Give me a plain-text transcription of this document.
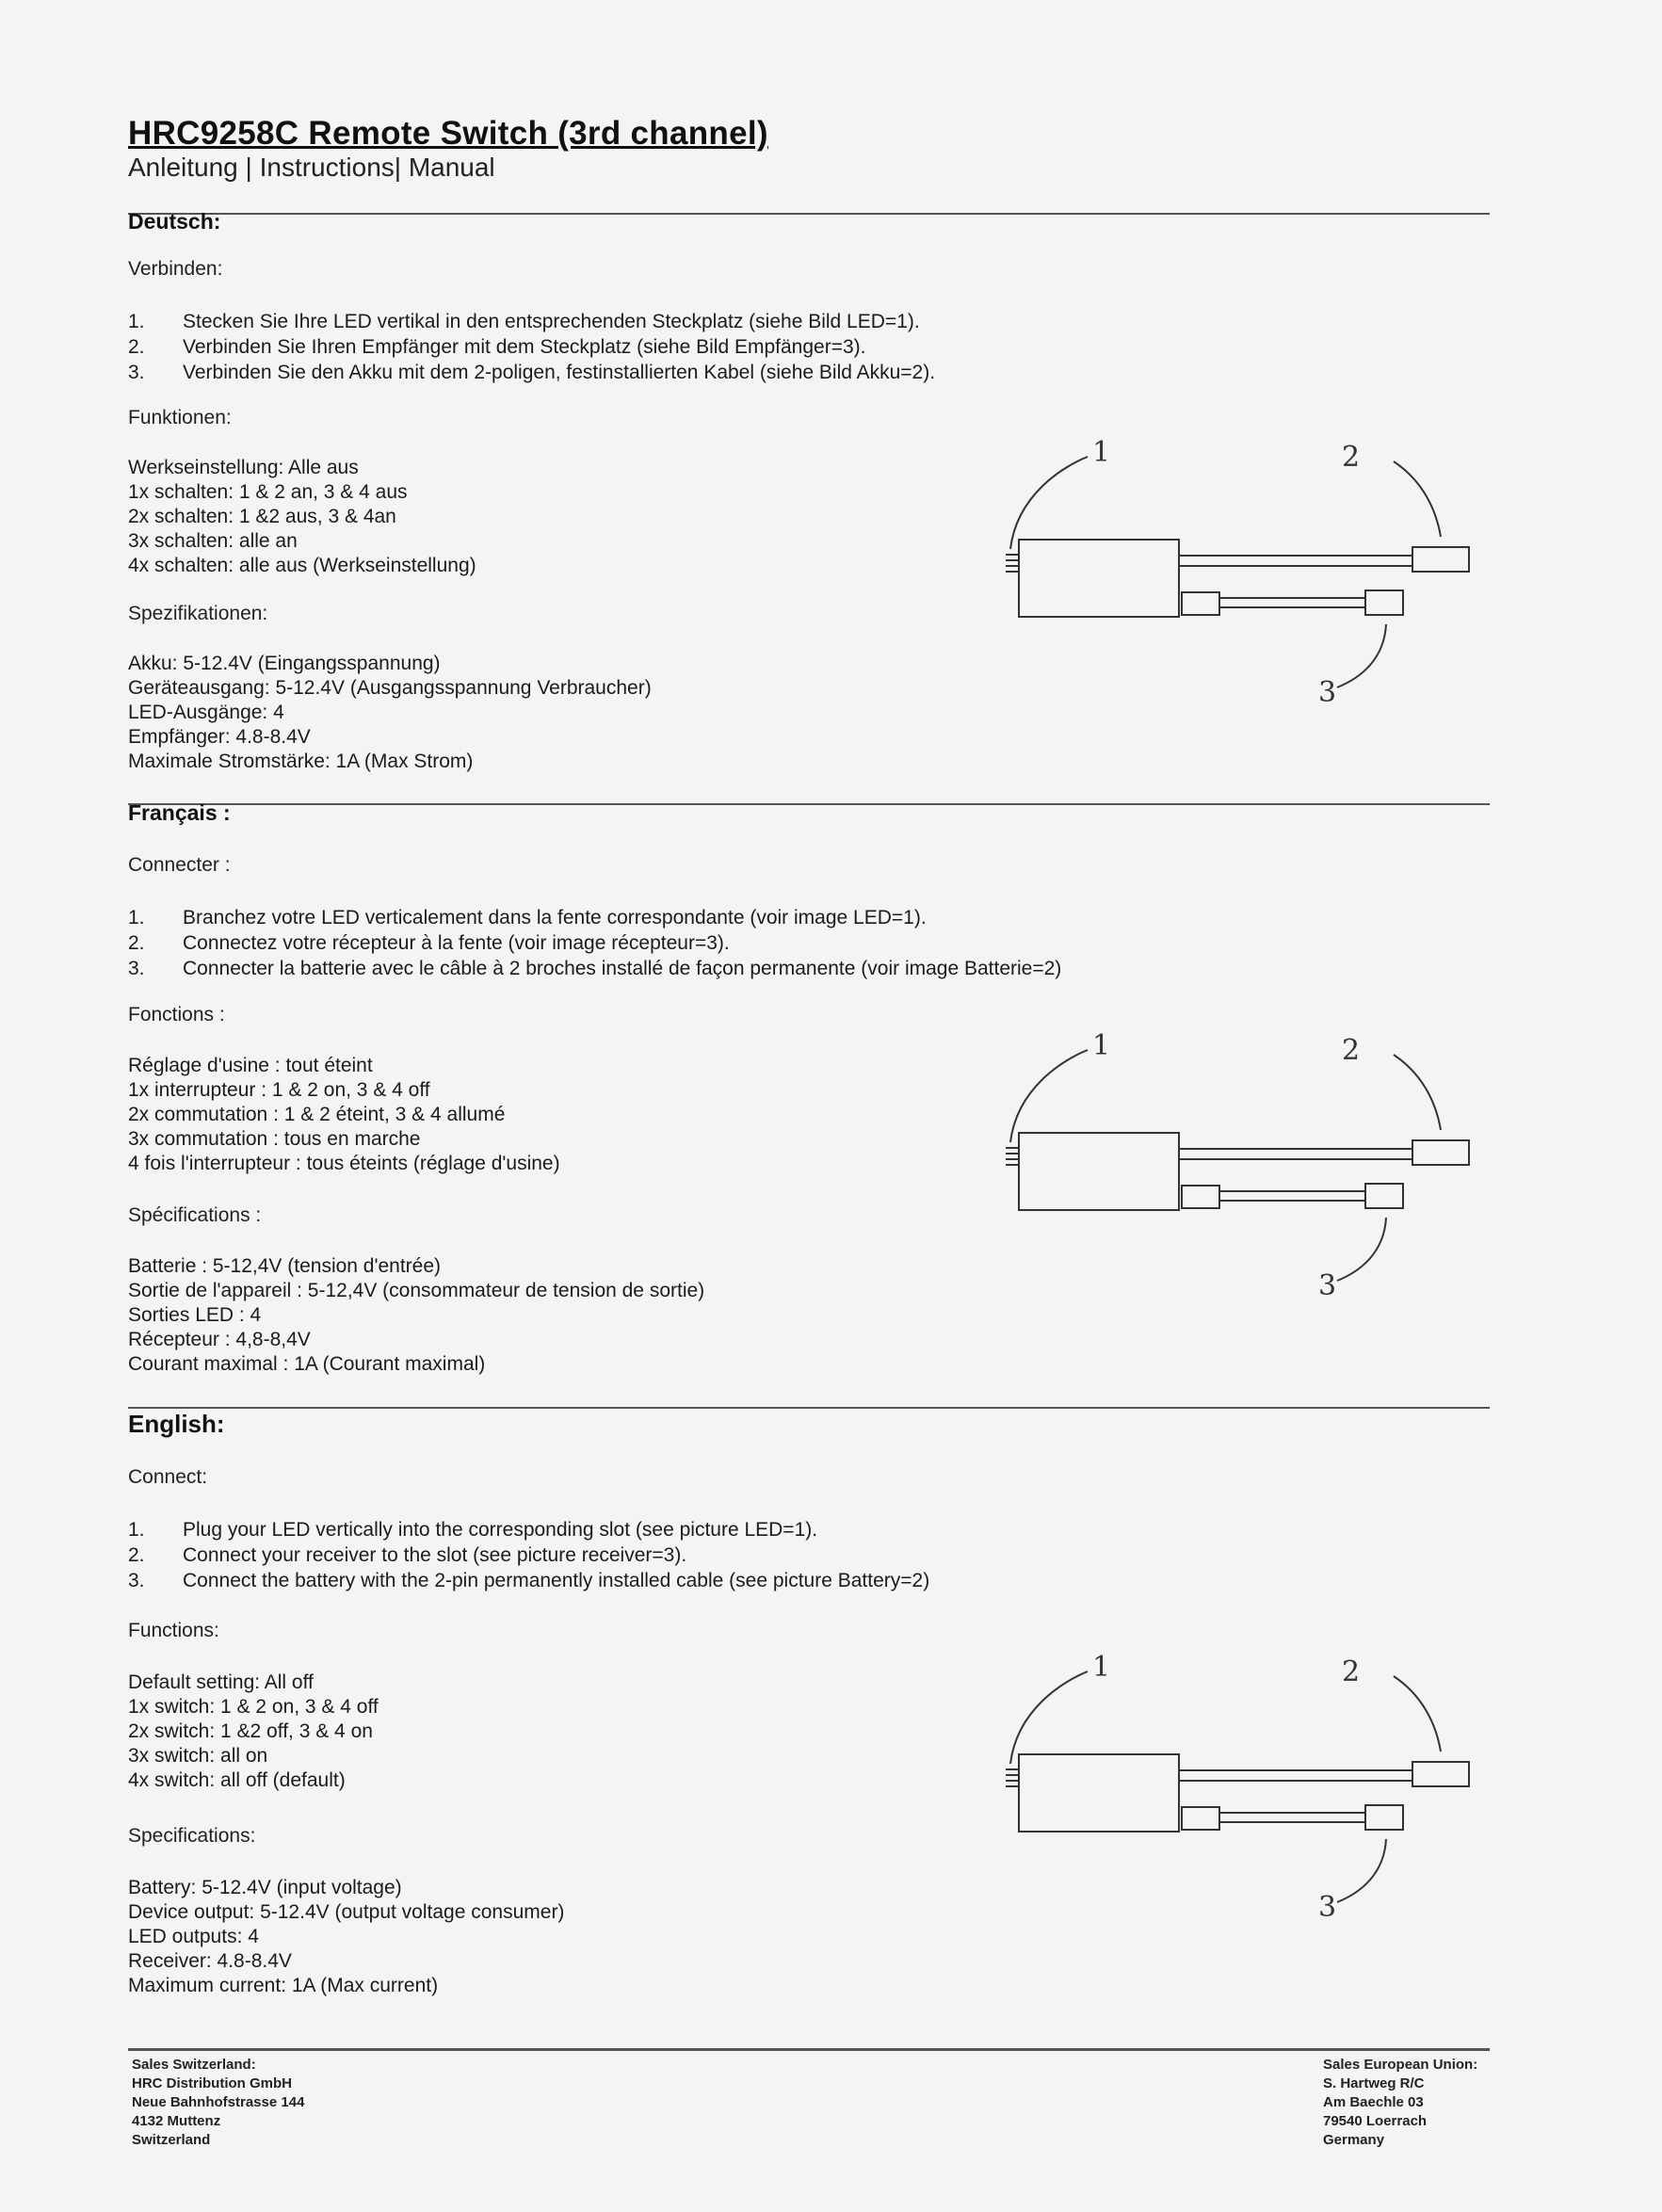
HRC9258C Remote Switch (3rd channel)
Anleitung | Instructions| Manual
Deutsch:
Verbinden:
1. Stecken Sie Ihre LED vertikal in den entsprechenden Steckplatz (siehe Bild LED=1).
2. Verbinden Sie Ihren Empfänger mit dem Steckplatz (siehe Bild Empfänger=3).
3. Verbinden Sie den Akku mit dem 2-poligen, festinstallierten Kabel (siehe Bild Akku=2).
Funktionen:
Werkseinstellung: Alle aus
1x schalten: 1 & 2 an, 3 & 4 aus
2x schalten: 1 &2 aus, 3 & 4an
3x schalten: alle an
4x schalten: alle aus (Werkseinstellung)
Spezifikationen:
Akku: 5-12.4V (Eingangsspannung)
Geräteausgang: 5-12.4V (Ausgangsspannung Verbraucher)
LED-Ausgänge: 4
Empfänger: 4.8-8.4V
Maximale Stromstärke: 1A (Max Strom)
1	2
3
Français :
Connecter :
1. Branchez votre LED verticalement dans la fente correspondante (voir image LED=1).
2. Connectez votre récepteur à la fente (voir image récepteur=3).
3. Connecter la batterie avec le câble à 2 broches installé de façon permanente (voir image Batterie=2)
Fonctions :
Réglage d'usine : tout éteint
1x interrupteur : 1 & 2 on, 3 & 4 off
2x commutation : 1 & 2 éteint, 3 & 4 allumé
3x commutation : tous en marche
4 fois l'interrupteur : tous éteints (réglage d'usine)
Spécifications :
Batterie : 5-12,4V (tension d'entrée)
Sortie de l'appareil : 5-12,4V (consommateur de tension de sortie)
Sorties LED : 4
Récepteur : 4,8-8,4V
Courant maximal : 1A (Courant maximal)
1	2
3
English:
Connect:
1. Plug your LED vertically into the corresponding slot (see picture LED=1).
2. Connect your receiver to the slot (see picture receiver=3).
3. Connect the battery with the 2-pin permanently installed cable (see picture Battery=2)
Functions:
Default setting: All off
1x switch: 1 & 2 on, 3 & 4 off
2x switch: 1 &2 off, 3 & 4 on
3x switch: all on
4x switch: all off (default)
Specifications:
Battery: 5-12.4V (input voltage)
Device output: 5-12.4V (output voltage consumer)
LED outputs: 4
Receiver: 4.8-8.4V
Maximum current: 1A (Max current)
1	2
3
Sales Switzerland:
HRC Distribution GmbH
Neue Bahnhofstrasse 144
4132 Muttenz
Switzerland
Sales European Union:
S. Hartweg R/C
Am Baechle 03
79540 Loerrach
Germany
